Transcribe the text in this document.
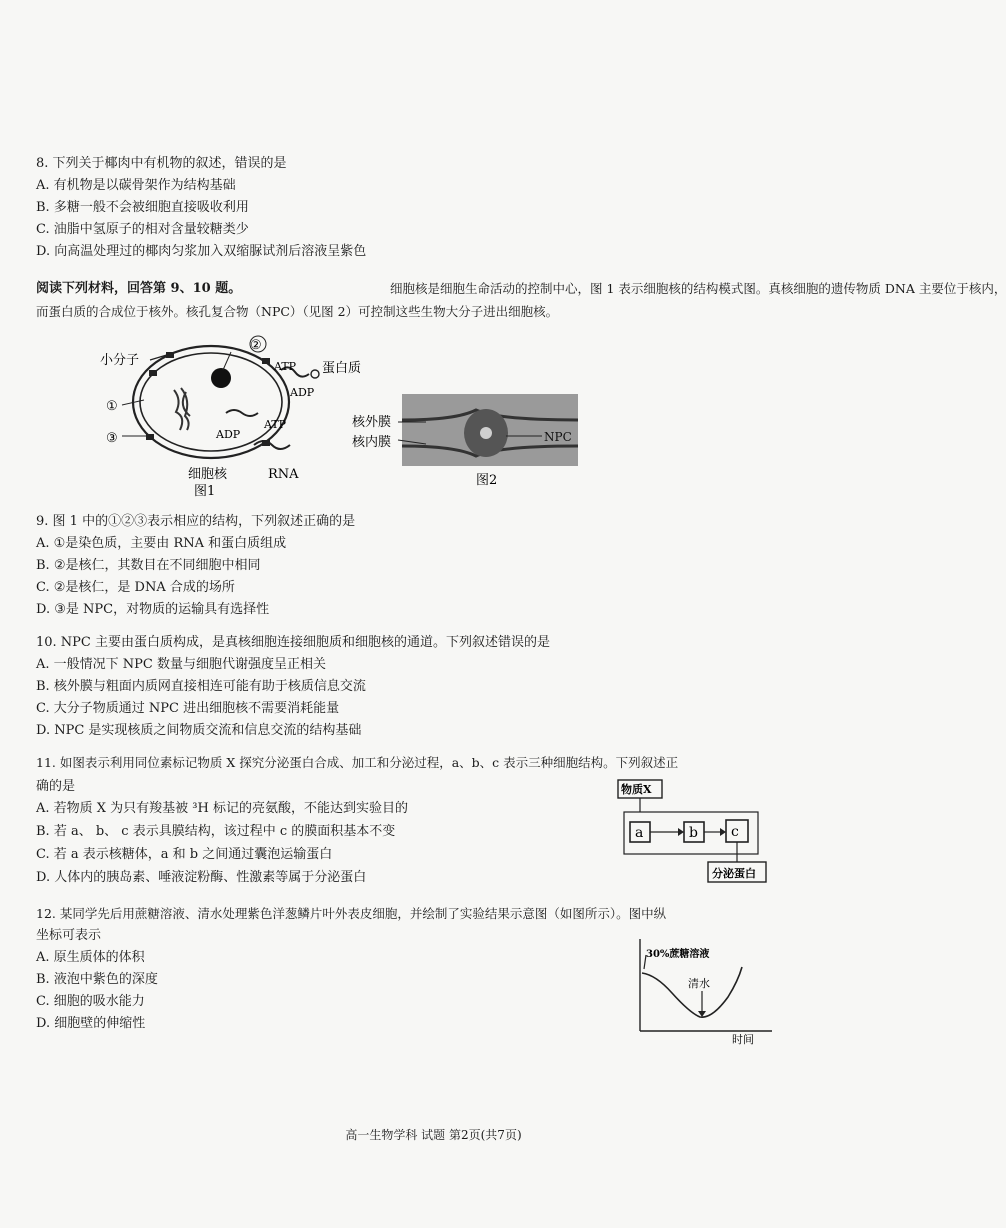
8. 下列关于椰肉中有机物的叙述，错误的是
A. 有机物是以碳骨架作为结构基础
B. 多糖一般不会被细胞直接吸收利用
C. 油脂中氢原子的相对含量较糖类少
D. 向高温处理过的椰肉匀浆加入双缩脲试剂后溶液呈紫色
阅读下列材料，回答第 9、10 题。	细胞核是细胞生命活动的控制中心，图 1 表示细胞核的结构模式图。真核细胞的遗传物质 DNA 主要位于核内，
而蛋白质的合成位于核外。核孔复合物（NPC）（见图 2）可控制这些生物大分子进出细胞核。
小分子
②
①
③
ATP
ADP
蛋白质
ATP
ADP
细胞核	RNA
图1
核外膜
核内膜	NPC
图2
9. 图 1 中的①②③表示相应的结构，下列叙述正确的是
A. ①是染色质，主要由 RNA 和蛋白质组成
B. ②是核仁，其数目在不同细胞中相同
C. ②是核仁，是 DNA 合成的场所
D. ③是 NPC，对物质的运输具有选择性
10. NPC 主要由蛋白质构成，是真核细胞连接细胞质和细胞核的通道。下列叙述错误的是
A. 一般情况下 NPC 数量与细胞代谢强度呈正相关
B. 核外膜与粗面内质网直接相连可能有助于核质信息交流
C. 大分子物质通过 NPC 进出细胞核不需要消耗能量
D. NPC 是实现核质之间物质交流和信息交流的结构基础
11. 如图表示利用同位素标记物质 X 探究分泌蛋白合成、加工和分泌过程，a、b、c 表示三种细胞结构。下列叙述正
确的是
A. 若物质 X 为只有羧基被 ³H 标记的亮氨酸，不能达到实验目的
B. 若 a、 b、 c 表示具膜结构，该过程中 c 的膜面积基本不变
C. 若 a 表示核糖体，a 和 b 之间通过囊泡运输蛋白
D. 人体内的胰岛素、唾液淀粉酶、性激素等属于分泌蛋白
物质X
a	b c
分泌蛋白
12. 某同学先后用蔗糖溶液、清水处理紫色洋葱鳞片叶外表皮细胞，并绘制了实验结果示意图（如图所示）。图中纵
坐标可表示
A. 原生质体的体积
B. 液泡中紫色的深度
C. 细胞的吸水能力
D. 细胞壁的伸缩性
30%蔗糖溶液
清水
时间
高一生物学科 试题 第2页(共7页)
